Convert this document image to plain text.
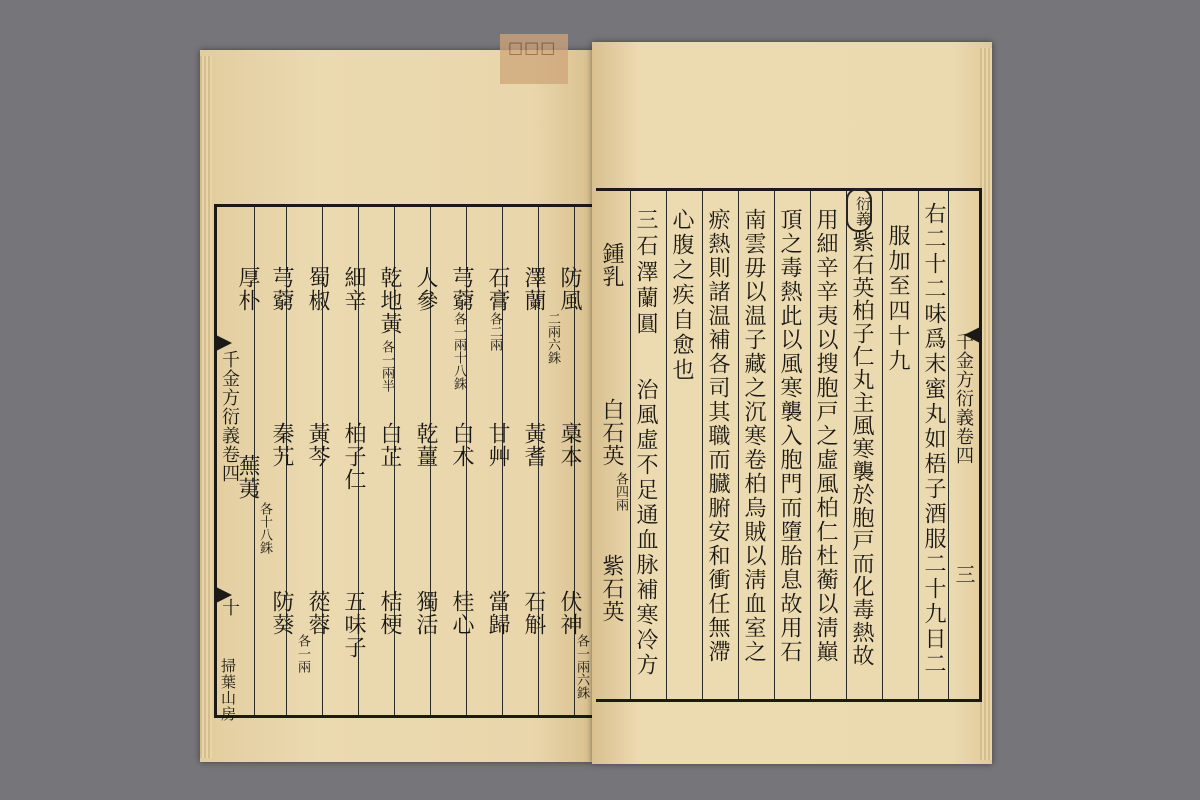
□□□
千金方衍義卷四
十
掃葉山房
防風
槀本
伏神
各一兩六銖
澤蘭
二兩六銖
黃耆
石斛
石膏
各二兩
甘艸
當歸
芎藭
各一兩十八銖
白术
桂心
人參
乾薑
獨活
乾地黃
各一兩半
白芷
桔梗
細辛
柏子仁
五味子
蜀椒
黃芩
蓯蓉
芎藭
秦艽
防葵
各一兩
厚朴
蕪荑
各十八銖
千金方衍義卷四
三
右二十二味爲末蜜丸如梧子酒服二十九日二
服加至四十九
衍義
紫石英柏子仁丸主風寒襲於胞戸而化毒熱故
用細辛辛夷以搜胞戸之虛風柏仁杜蘅以淸巔
頂之毒熱此以風寒襲入胞門而墮胎息故用石
南雲毋以温子藏之沉寒卷柏烏賊以淸血室之
瘀熱則諸温補各司其職而臓腑安和衝任無滯
心腹之疾自愈也
三石澤蘭圓
治風虛不足通血脉補寒冷方
鍾乳
白石英
各四兩
紫石英
